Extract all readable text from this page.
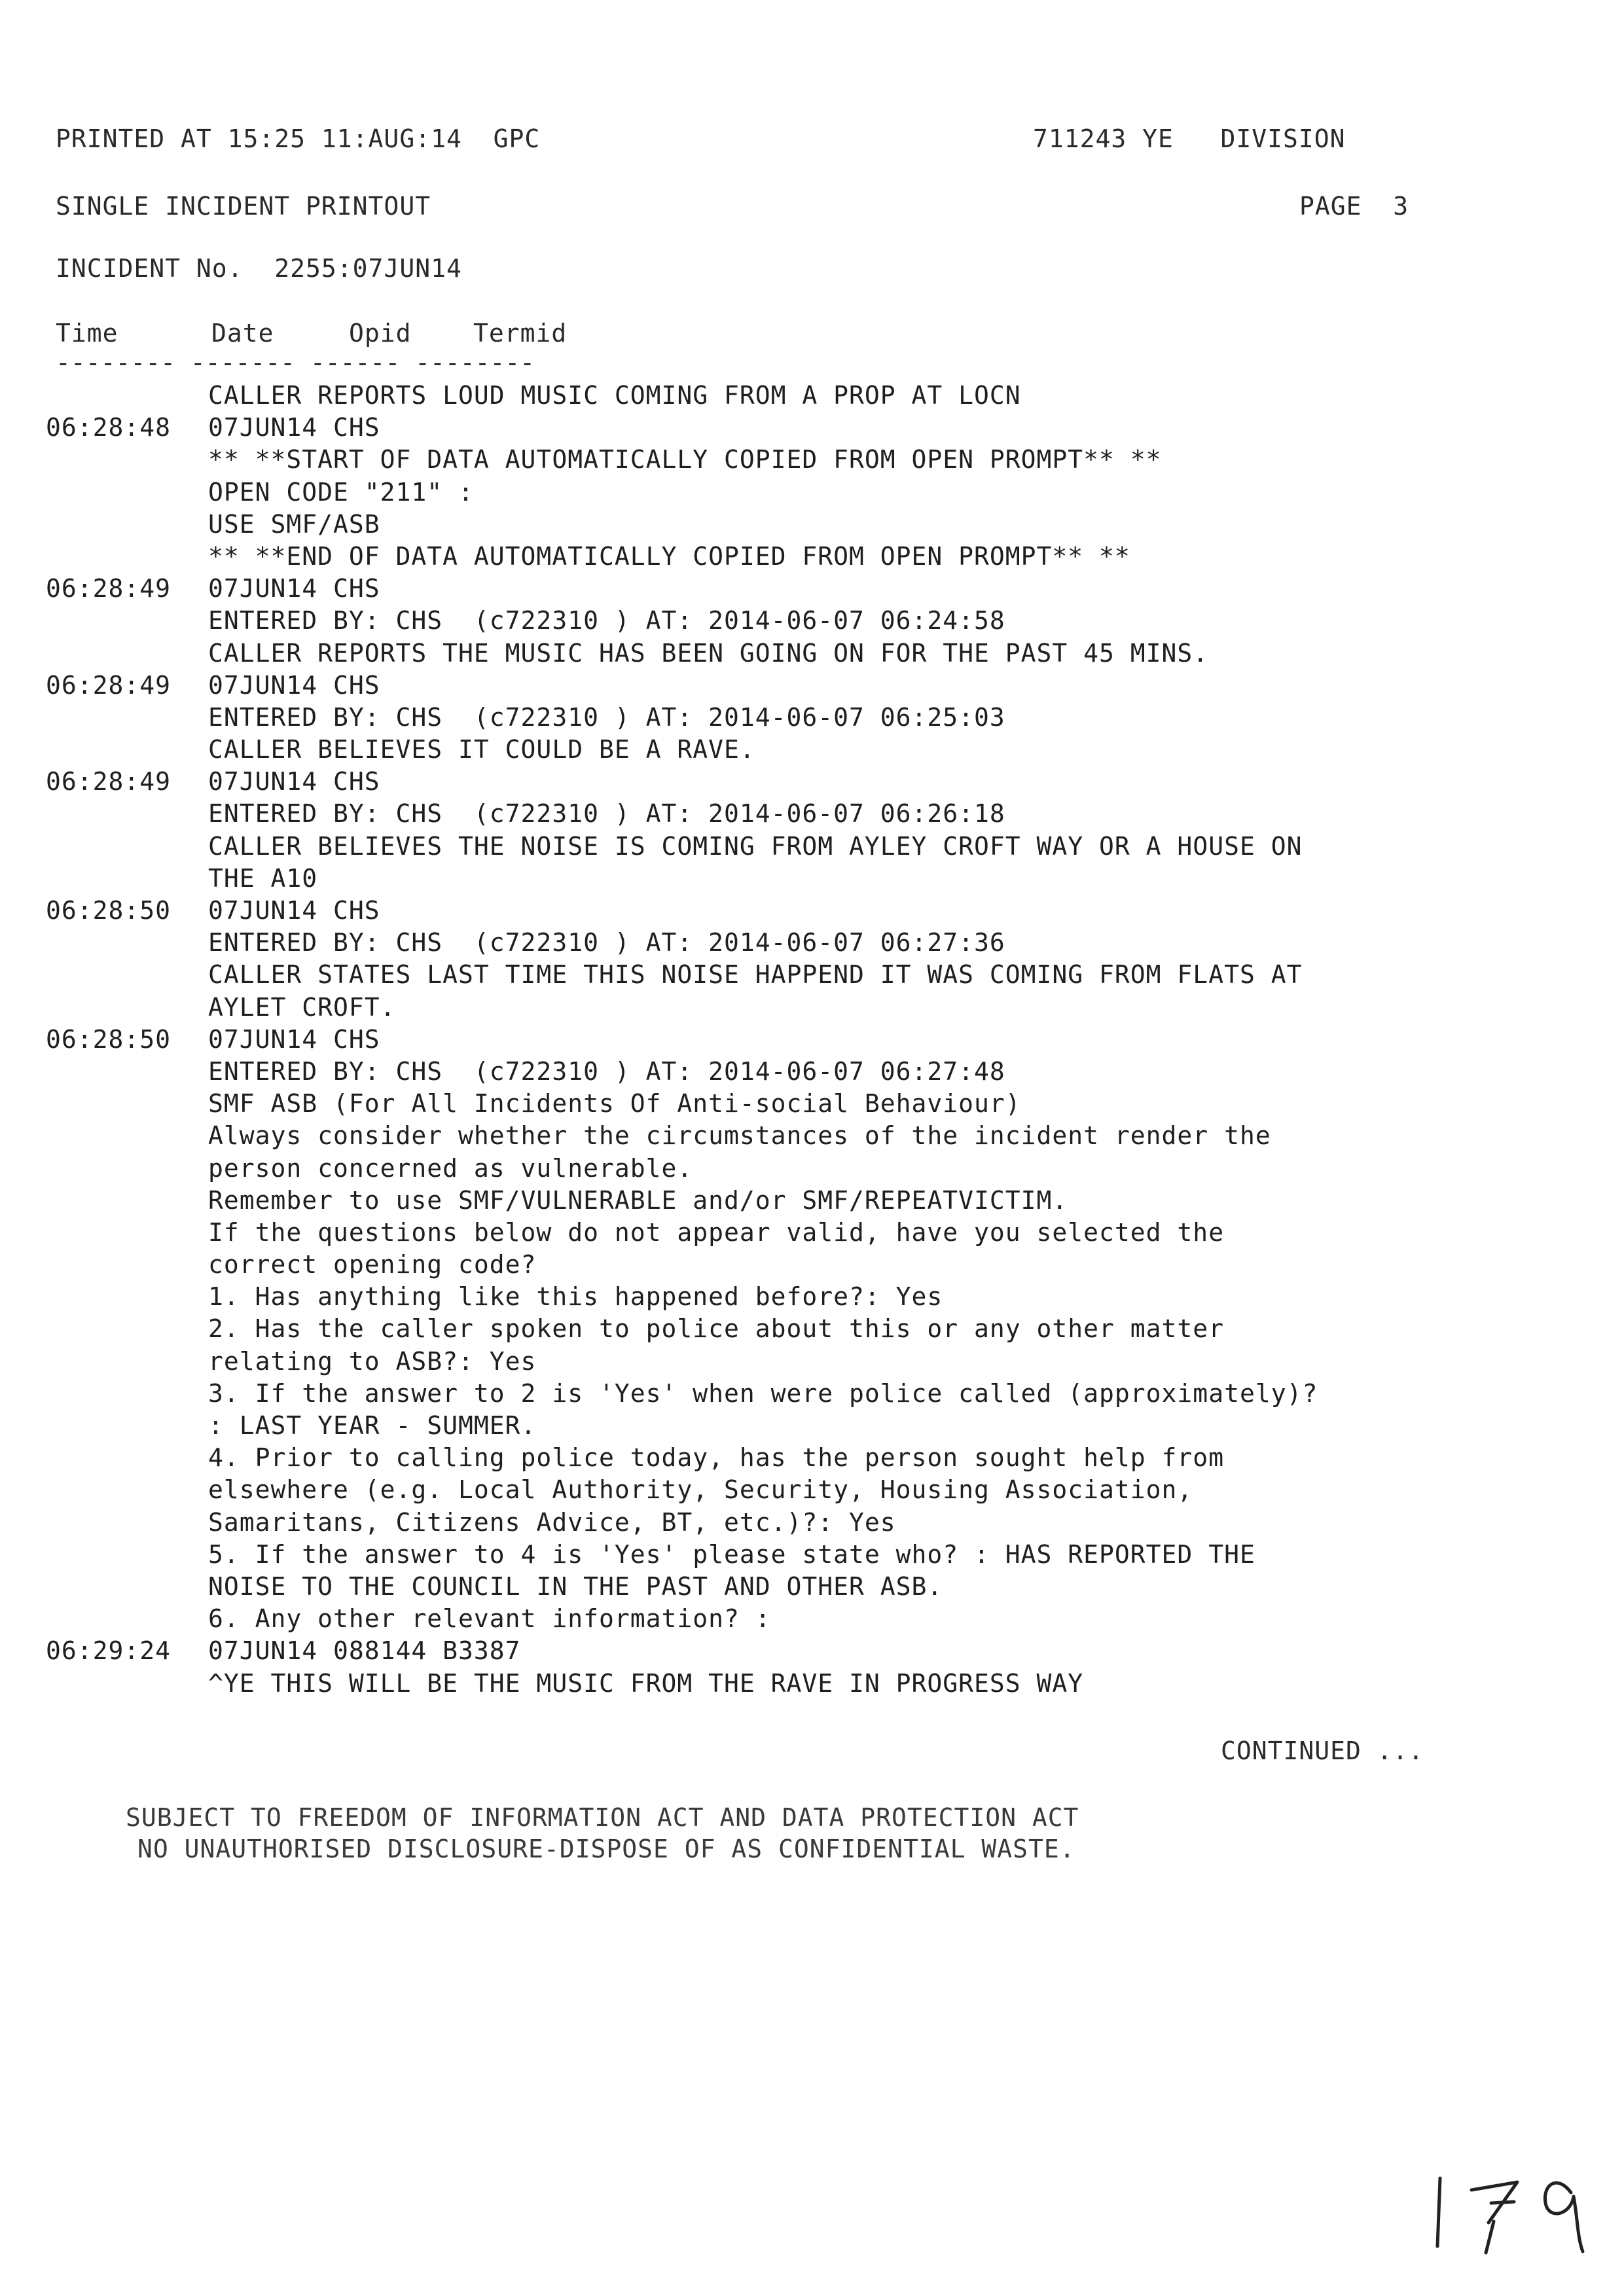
PRINTED AT 15:25 11:AUG:14  GPC	711243 YE   DIVISION
SINGLE INCIDENT PRINTOUT	PAGE  3
INCIDENT No.  2255:07JUN14
Time	Date	Opid Termid
-------- ------- ------ --------
CALLER REPORTS LOUD MUSIC COMING FROM A PROP AT LOCN
06:28:48 07JUN14 CHS
** **START OF DATA AUTOMATICALLY COPIED FROM OPEN PROMPT** **
OPEN CODE "211" :
USE SMF/ASB
** **END OF DATA AUTOMATICALLY COPIED FROM OPEN PROMPT** **
06:28:49 07JUN14 CHS
ENTERED BY: CHS  (c722310 ) AT: 2014-06-07 06:24:58
CALLER REPORTS THE MUSIC HAS BEEN GOING ON FOR THE PAST 45 MINS.
06:28:49 07JUN14 CHS
ENTERED BY: CHS  (c722310 ) AT: 2014-06-07 06:25:03
CALLER BELIEVES IT COULD BE A RAVE.
06:28:49 07JUN14 CHS
ENTERED BY: CHS  (c722310 ) AT: 2014-06-07 06:26:18
CALLER BELIEVES THE NOISE IS COMING FROM AYLEY CROFT WAY OR A HOUSE ON
THE A10
06:28:50 07JUN14 CHS
ENTERED BY: CHS  (c722310 ) AT: 2014-06-07 06:27:36
CALLER STATES LAST TIME THIS NOISE HAPPEND IT WAS COMING FROM FLATS AT
AYLET CROFT.
06:28:50 07JUN14 CHS
ENTERED BY: CHS  (c722310 ) AT: 2014-06-07 06:27:48
SMF ASB (For All Incidents Of Anti-social Behaviour)
Always consider whether the circumstances of the incident render the
person concerned as vulnerable.
Remember to use SMF/VULNERABLE and/or SMF/REPEATVICTIM.
If the questions below do not appear valid, have you selected the
correct opening code?
1. Has anything like this happened before?: Yes
2. Has the caller spoken to police about this or any other matter
relating to ASB?: Yes
3. If the answer to 2 is 'Yes' when were police called (approximately)?
: LAST YEAR - SUMMER.
4. Prior to calling police today, has the person sought help from
elsewhere (e.g. Local Authority, Security, Housing Association,
Samaritans, Citizens Advice, BT, etc.)?: Yes
5. If the answer to 4 is 'Yes' please state who? : HAS REPORTED THE
NOISE TO THE COUNCIL IN THE PAST AND OTHER ASB.
6. Any other relevant information? :
06:29:24 07JUN14 088144 B3387
^YE THIS WILL BE THE MUSIC FROM THE RAVE IN PROGRESS WAY
CONTINUED ...
SUBJECT TO FREEDOM OF INFORMATION ACT AND DATA PROTECTION ACT
NO UNAUTHORISED DISCLOSURE-DISPOSE OF AS CONFIDENTIAL WASTE.
